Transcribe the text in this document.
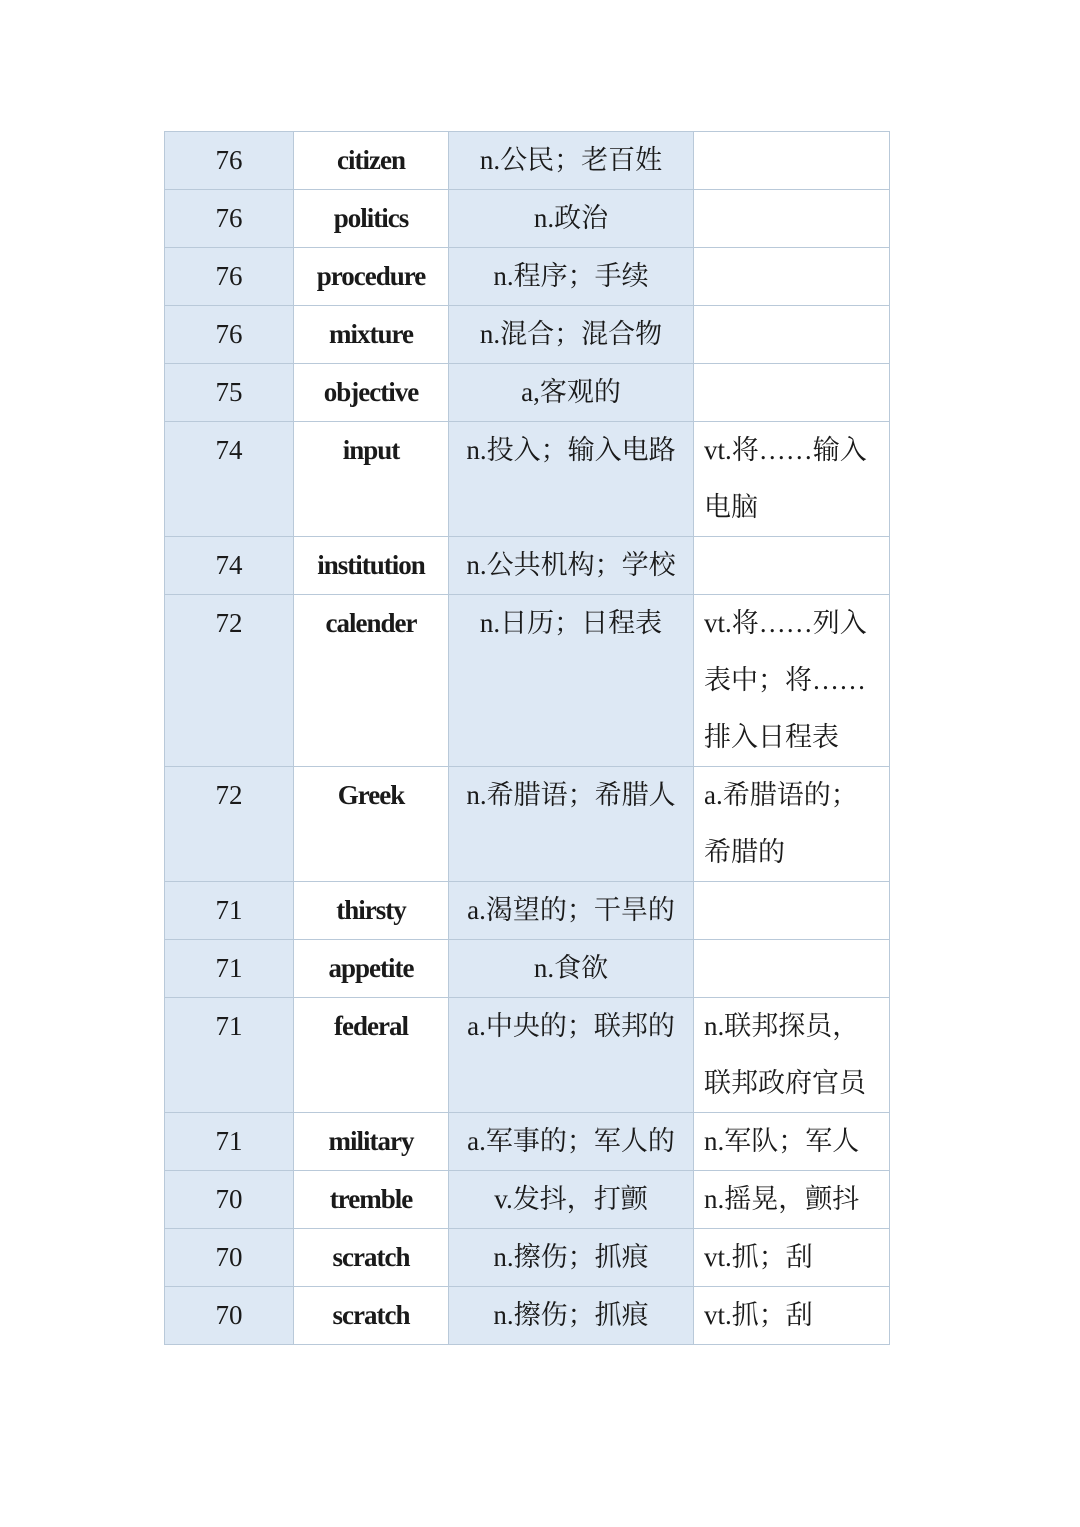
76	citizen	n.公民；老百姓	
76	politics	n.政治	
76	procedure	n.程序；手续	
76	mixture	n.混合；混合物	
75	objective	a,客观的	
74	input	n.投入；输入电路	vt.将……输入电脑
74	institution	n.公共机构；学校	
72	calender	n.日历；日程表	vt.将……列入表中；将……排入日程表
72	Greek	n.希腊语；希腊人	a.希腊语的；希腊的
71	thirsty	a.渴望的；干旱的	
71	appetite	n.食欲	
71	federal	a.中央的；联邦的	n.联邦探员，联邦政府官员
71	military	a.军事的；军人的	n.军队；军人
70	tremble	v.发抖，打颤	n.摇晃，颤抖
70	scratch	n.擦伤；抓痕	vt.抓；刮
70	scratch	n.擦伤；抓痕	vt.抓；刮
